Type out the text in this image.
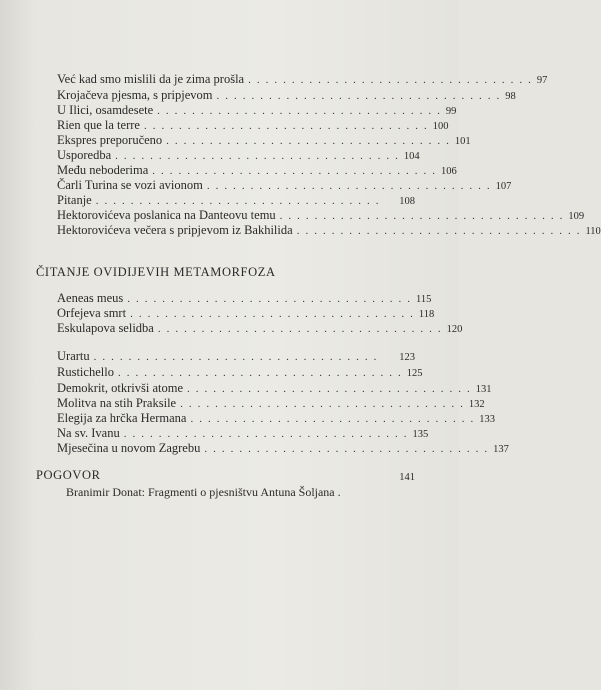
Već kad smo mislili da je zima prošla ................................. 97
Krojačeva pjesma, s pripjevom ................................. 98
U Ilici, osamdesete ................................. 99
Rien que la terre ................................. 100
Ekspres preporučeno ................................. 101
Usporedba ................................. 104
Među neboderima ................................. 106
Čarli Turina se vozi avionom ................................. 107
Pitanje .................................	108
Hektorovićeva poslanica na Danteovu temu ................................. 109
Hektorovićeva večera s pripjevom iz Bakhilida ................................. 110
ČITANJE OVIDIJEVIH METAMORFOZA
Aeneas meus ................................. 115
Orfejeva smrt ................................. 118
Eskulapova selidba ................................. 120
Urartu .................................	123
Rustichello ................................. 125
Demokrit, otkrivši atome ................................. 131
Molitva na stih Praksile ................................. 132
Elegija za hrčka Hermana ................................. 133
Na sv. Ivanu ................................. 135
Mjesečina u novom Zagrebu ................................. 137
POGOVOR	141
Branimir Donat: Fragmenti o pjesništvu Antuna Šoljana .
